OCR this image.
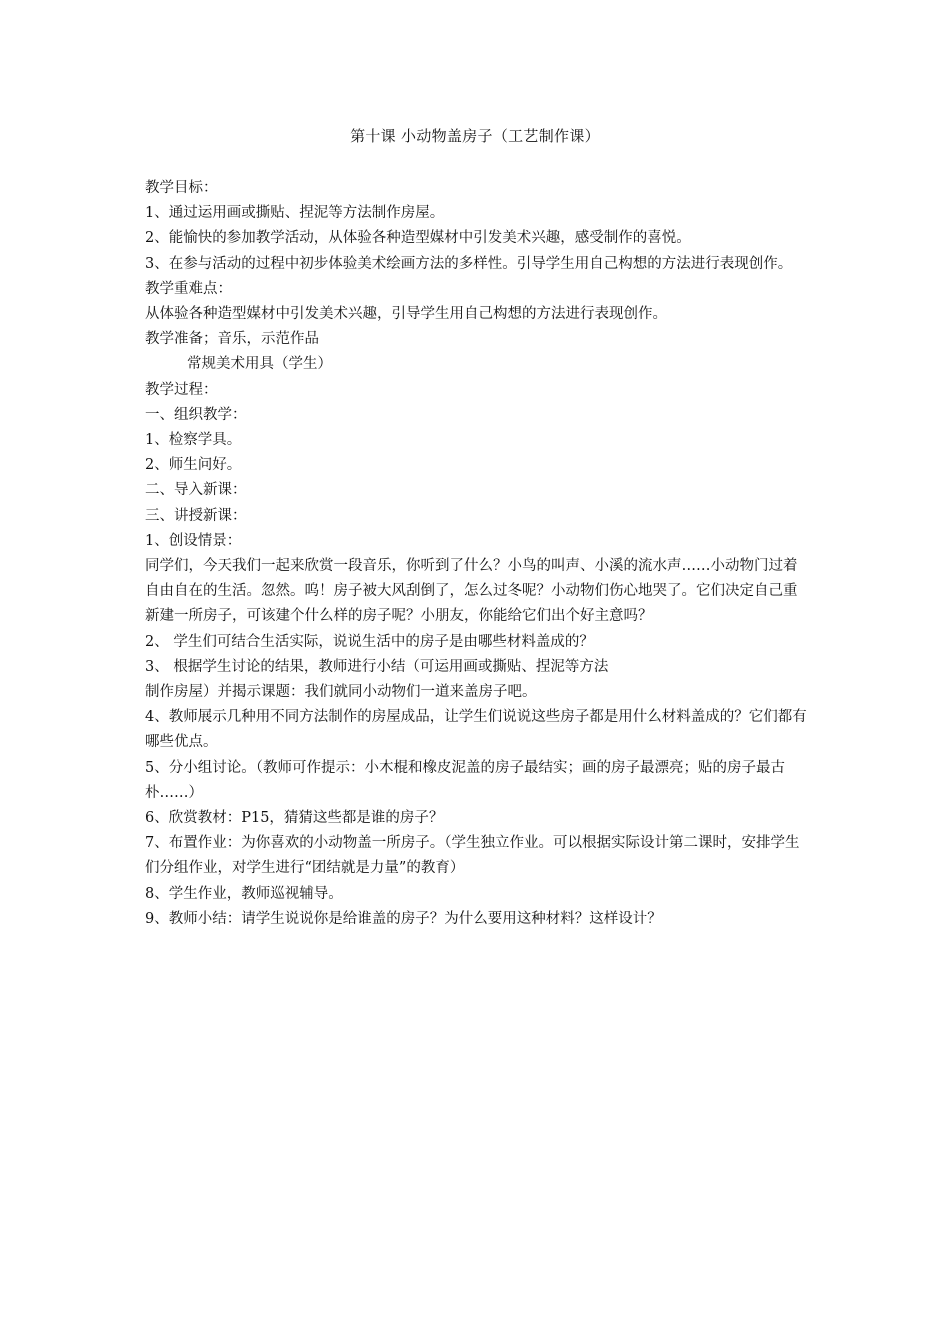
第十课 小动物盖房子（工艺制作课）

教学目标：

1、通过运用画或撕贴、捏泥等方法制作房屋。

2、能愉快的参加教学活动，从体验各种造型媒材中引发美术兴趣，感受制作的喜悦。

3、在参与活动的过程中初步体验美术绘画方法的多样性。引导学生用自己构想的方法进行表现创作。

教学重难点：

从体验各种造型媒材中引发美术兴趣，引导学生用自己构想的方法进行表现创作。

教学准备；音乐，示范作品

常规美术用具（学生）

教学过程：

一、组织教学：

1、检察学具。

2、师生问好。

二、导入新课：

三、讲授新课：

1、创设情景：

同学们，今天我们一起来欣赏一段音乐，你听到了什么？小鸟的叫声、小溪的流水声……小动物门过着自由自在的生活。忽然。呜！房子被大风刮倒了，怎么过冬呢？小动物们伤心地哭了。它们决定自己重新建一所房子，可该建个什么样的房子呢？小朋友，你能给它们出个好主意吗？

2、 学生们可结合生活实际，说说生活中的房子是由哪些材料盖成的？

3、 根据学生讨论的结果，教师进行小结（可运用画或撕贴、捏泥等方法

制作房屋）并揭示课题：我们就同小动物们一道来盖房子吧。

4、教师展示几种用不同方法制作的房屋成品，让学生们说说这些房子都是用什么材料盖成的？它们都有哪些优点。

5、分小组讨论。（教师可作提示：小木棍和橡皮泥盖的房子最结实；画的房子最漂亮；贴的房子最古朴……）

6、欣赏教材：P15，猜猜这些都是谁的房子？

7、布置作业：为你喜欢的小动物盖一所房子。（学生独立作业。可以根据实际设计第二课时，安排学生们分组作业，对学生进行“团结就是力量”的教育）

8、学生作业，教师巡视辅导。

9、教师小结：请学生说说你是给谁盖的房子？为什么要用这种材料？这样设计？
